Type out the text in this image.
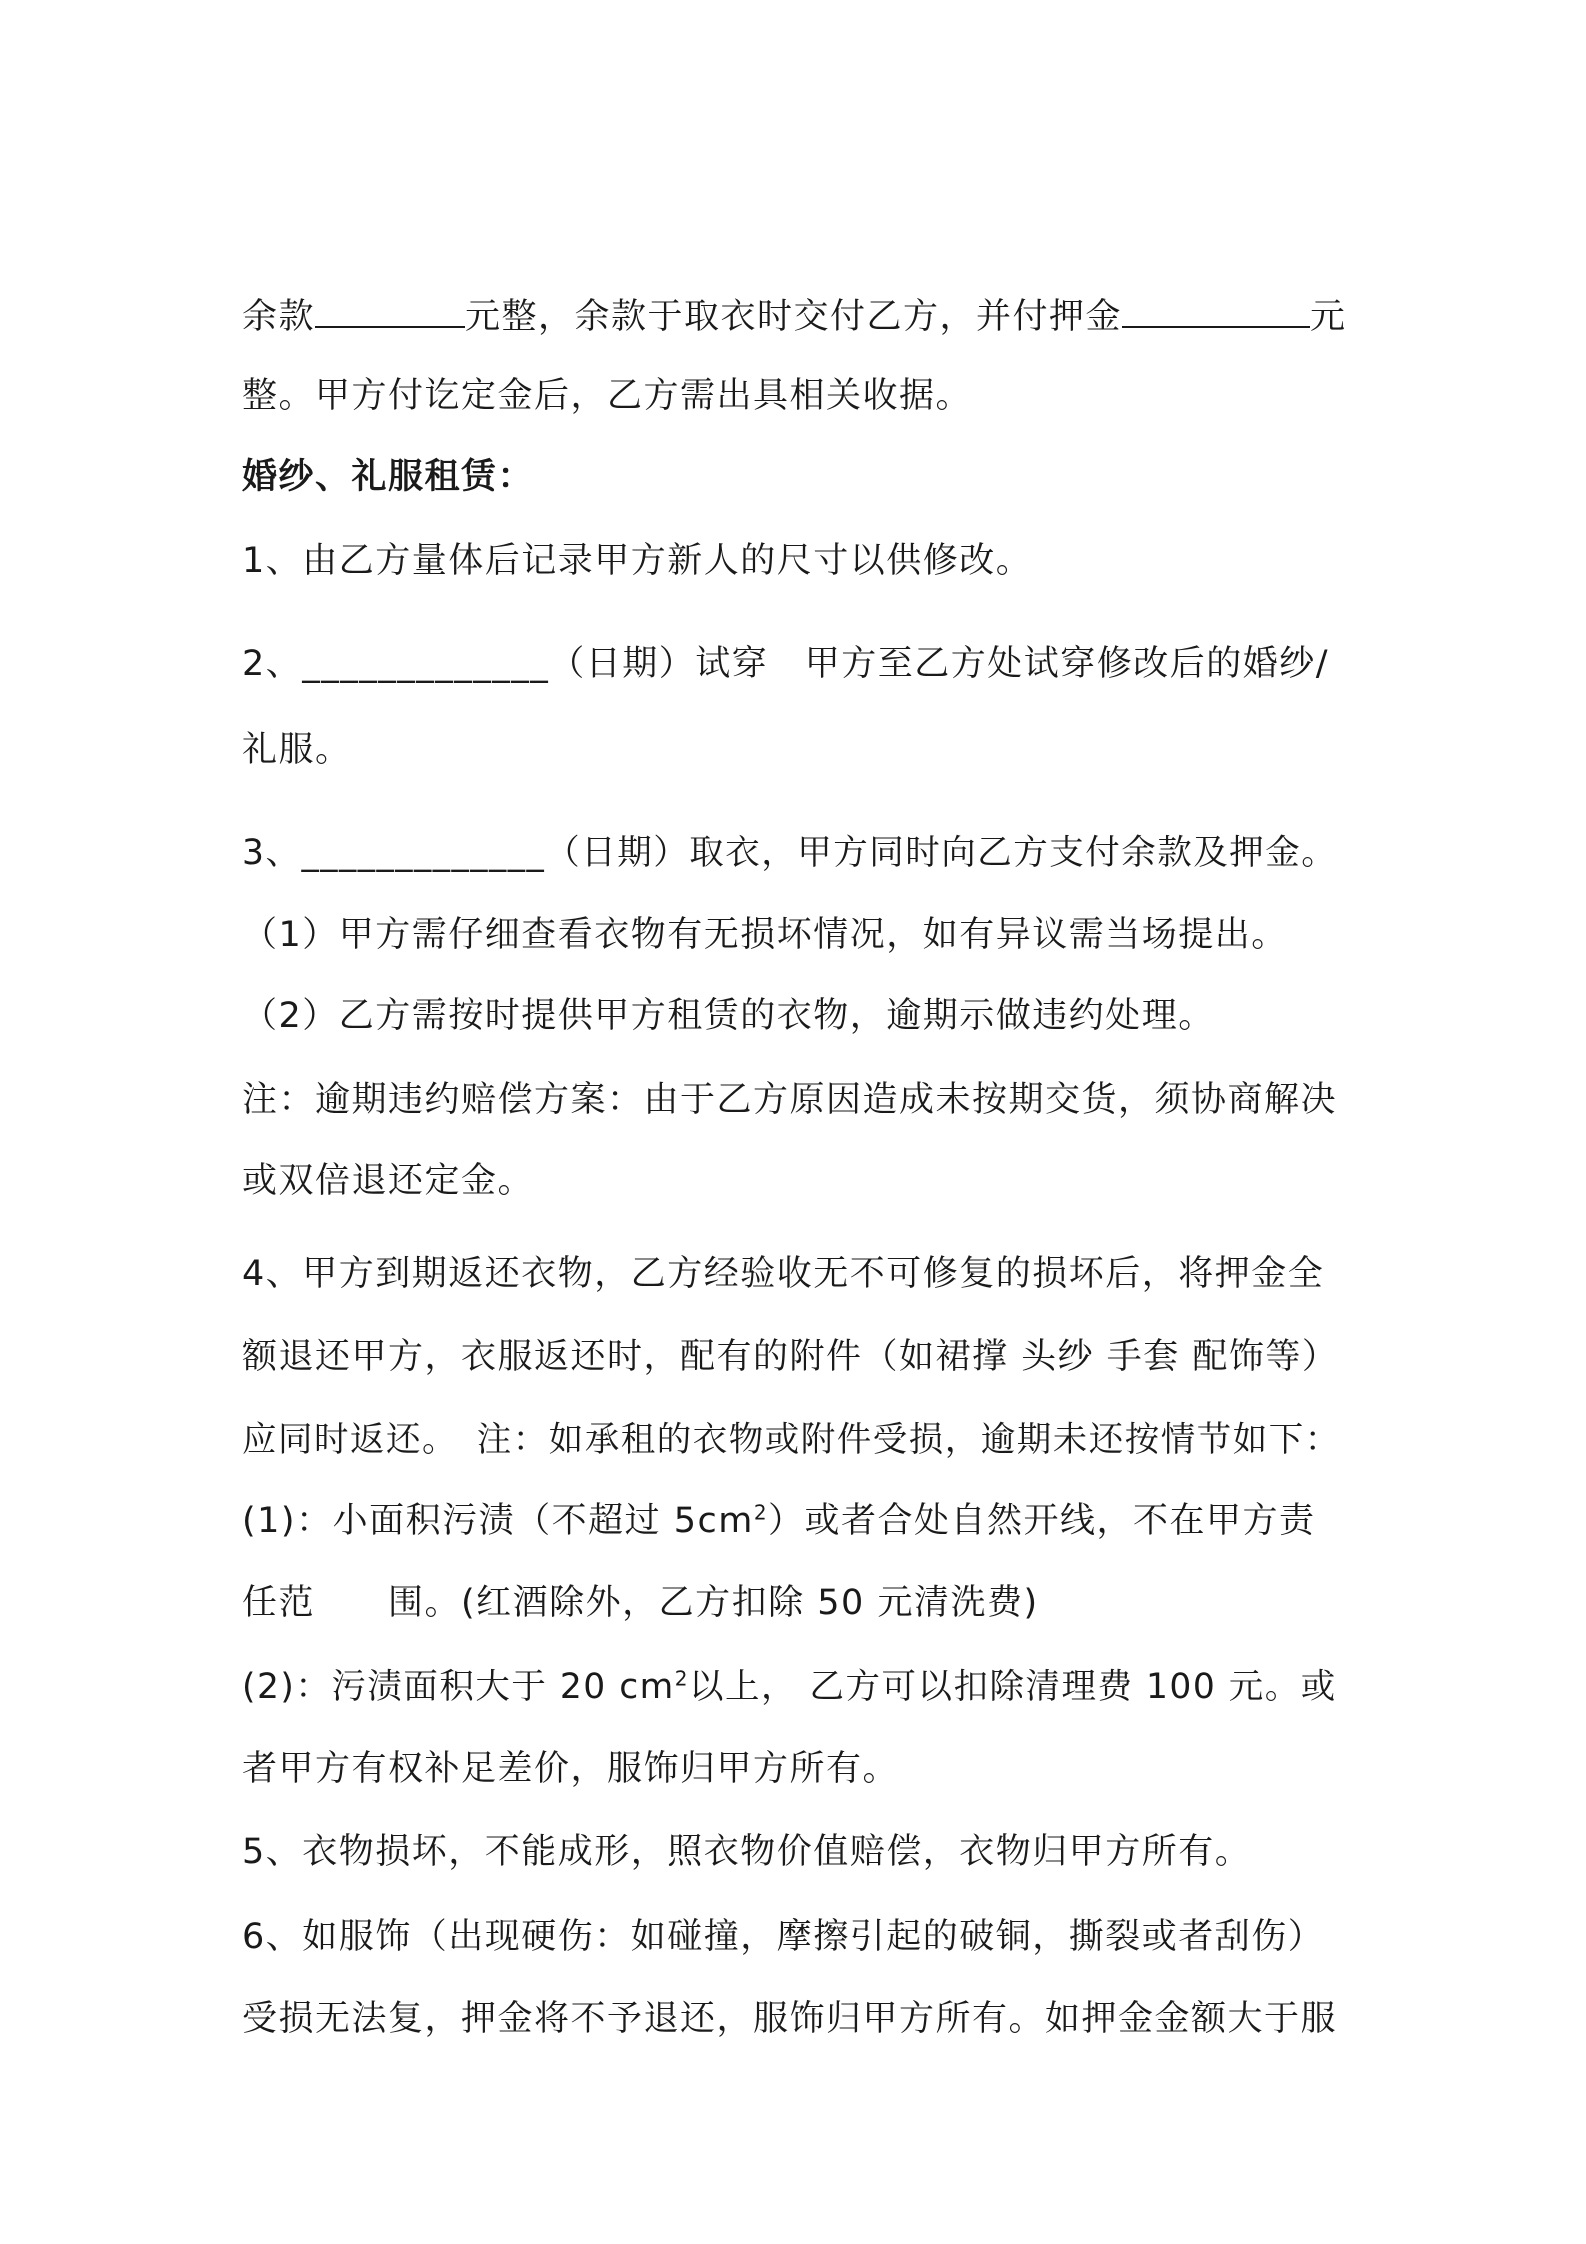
余款	元整，余款于取衣时交付乙方，并付押金	元
整。甲方付讫定金后，乙方需出具相关收据。
婚纱、礼服租赁：
1、由乙方量体后记录甲方新人的尺寸以供修改。
2、_____________（日期）试穿　甲方至乙方处试穿修改后的婚纱/
礼服。
3、_____________（日期）取衣，甲方同时向乙方支付余款及押金。
（1）甲方需仔细查看衣物有无损坏情况，如有异议需当场提出。
（2）乙方需按时提供甲方租赁的衣物，逾期示做违约处理。
注：逾期违约赔偿方案：由于乙方原因造成未按期交货，须协商解决
或双倍退还定金。
4、甲方到期返还衣物，乙方经验收无不可修复的损坏后，将押金全
额退还甲方，衣服返还时，配有的附件（如裙撑 头纱 手套 配饰等）
应同时返还。　注：如承租的衣物或附件受损，逾期未还按情节如下：
(1)：小面积污渍（不超过 $5cm^2$）或者合处自然开线，不在甲方责
任范　　围。(红酒除外，乙方扣除 50 元清洗费)
(2)：污渍面积大于 20 $cm^2$以上， 乙方可以扣除清理费 100 元。或
者甲方有权补足差价，服饰归甲方所有。
5、衣物损坏，不能成形，照衣物价值赔偿，衣物归甲方所有。
6、如服饰（出现硬伤：如碰撞，摩擦引起的破铜，撕裂或者刮伤）
受损无法复，押金将不予退还，服饰归甲方所有。如押金金额大于服
